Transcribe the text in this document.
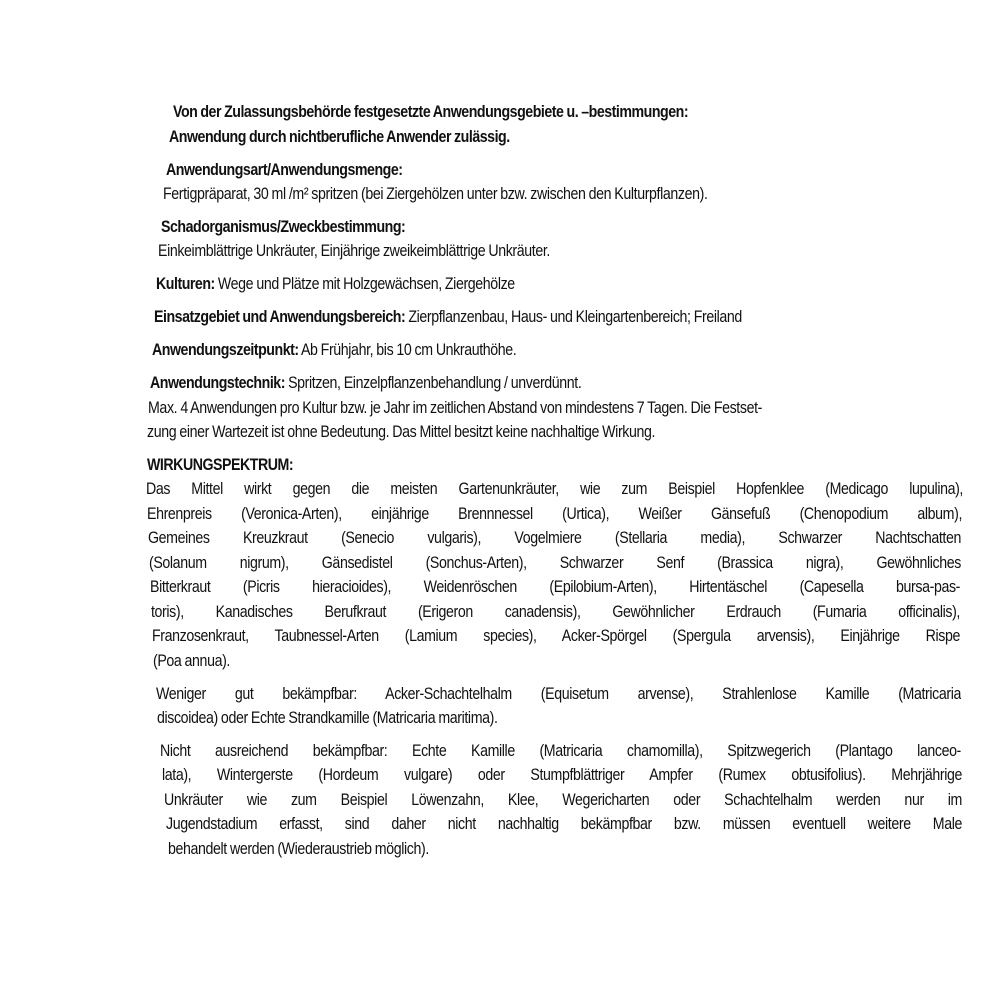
Von der Zulassungsbehörde festgesetzte Anwendungsgebiete u. –bestimmungen:
Anwendung durch nichtberufliche Anwender zulässig.
Anwendungsart/Anwendungsmenge:
Fertigpräparat, 30 ml /m² spritzen (bei Ziergehölzen unter bzw. zwischen den Kulturpflanzen).
Schadorganismus/Zweckbestimmung:
Einkeimblättrige Unkräuter, Einjährige zweikeimblättrige Unkräuter.
Kulturen: Wege und Plätze mit Holzgewächsen, Ziergehölze
Einsatzgebiet und Anwendungsbereich: Zierpflanzenbau, Haus- und Kleingartenbereich; Freiland
Anwendungszeitpunkt: Ab Frühjahr, bis 10 cm Unkrauthöhe.
Anwendungstechnik: Spritzen, Einzelpflanzenbehandlung / unverdünnt.
Max. 4 Anwendungen pro Kultur bzw. je Jahr im zeitlichen Abstand von mindestens 7 Tagen. Die Festset-
zung einer Wartezeit ist ohne Bedeutung. Das Mittel besitzt keine nachhaltige Wirkung.
WIRKUNGSPEKTRUM:
Das Mittel wirkt gegen die meisten Gartenunkräuter, wie zum Beispiel Hopfenklee (Medicago lupulina),
Ehrenpreis (Veronica-Arten), einjährige Brennnessel (Urtica), Weißer Gänsefuß (Chenopodium album),
Gemeines Kreuzkraut (Senecio vulgaris), Vogelmiere (Stellaria media), Schwarzer Nachtschatten
(Solanum nigrum), Gänsedistel (Sonchus-Arten), Schwarzer Senf (Brassica nigra), Gewöhnliches
Bitterkraut (Picris hieracioides), Weidenröschen (Epilobium-Arten), Hirtentäschel (Capesella bursa-pas-
toris), Kanadisches Berufkraut (Erigeron canadensis), Gewöhnlicher Erdrauch (Fumaria officinalis),
Franzosenkraut, Taubnessel-Arten (Lamium species), Acker-Spörgel (Spergula arvensis), Einjährige Rispe
(Poa annua).
Weniger gut bekämpfbar: Acker-Schachtelhalm (Equisetum arvense), Strahlenlose Kamille (Matricaria
discoidea) oder Echte Strandkamille (Matricaria maritima).
Nicht ausreichend bekämpfbar: Echte Kamille (Matricaria chamomilla), Spitzwegerich (Plantago lanceo-
lata), Wintergerste (Hordeum vulgare) oder Stumpfblättriger Ampfer (Rumex obtusifolius). Mehrjährige
Unkräuter wie zum Beispiel Löwenzahn, Klee, Wegericharten oder Schachtelhalm werden nur im
Jugendstadium erfasst, sind daher nicht nachhaltig bekämpfbar bzw. müssen eventuell weitere Male
behandelt werden (Wiederaustrieb möglich).
